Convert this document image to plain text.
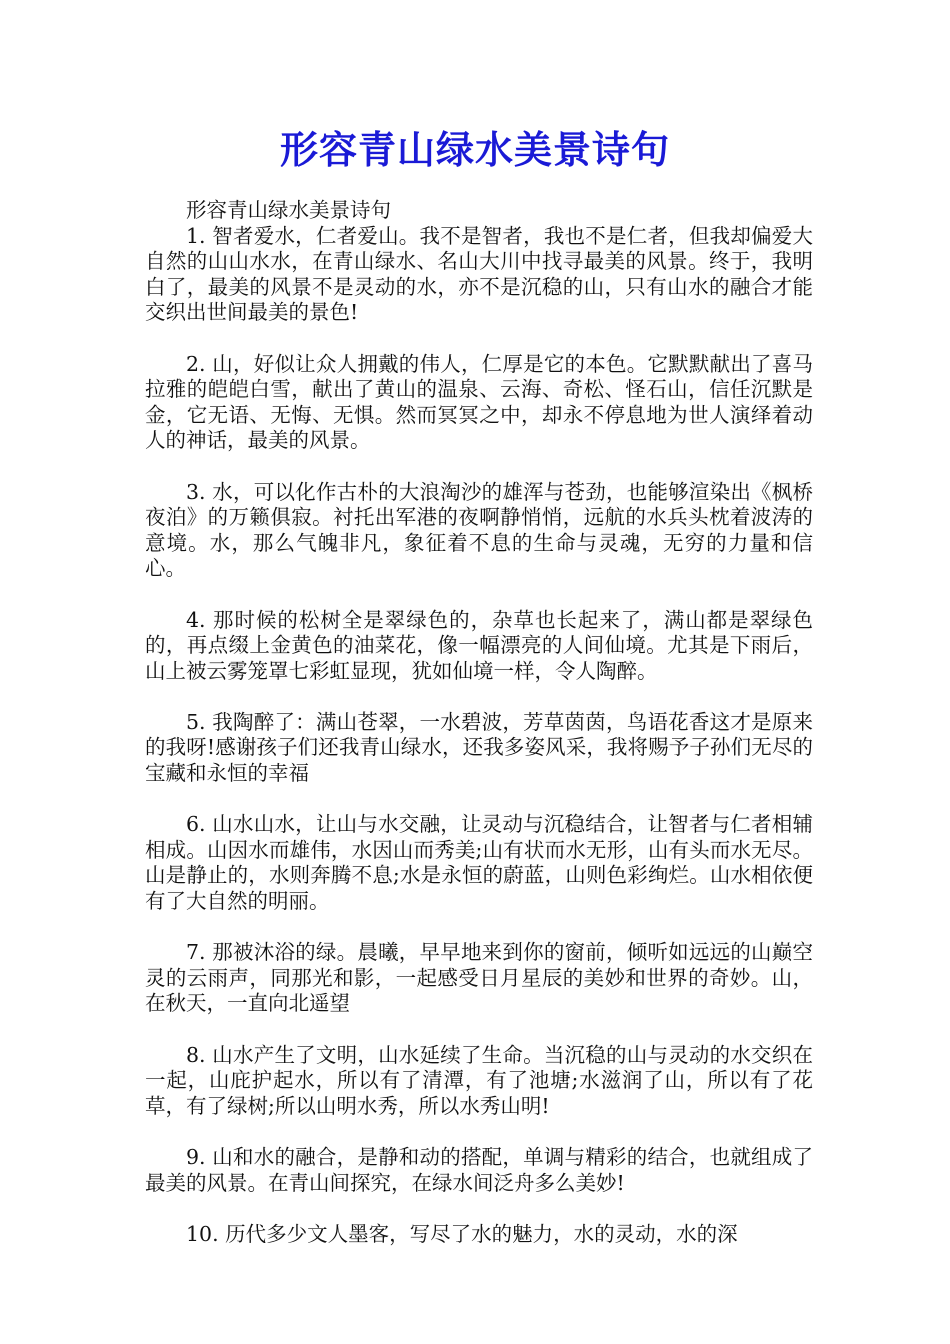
形容青山绿水美景诗句

形容青山绿水美景诗句

1. 智者爱水，仁者爱山。我不是智者，我也不是仁者，但我却偏爱大自然的山山水水，在青山绿水、名山大川中找寻最美的风景。终于，我明白了，最美的风景不是灵动的水，亦不是沉稳的山，只有山水的融合才能交织出世间最美的景色!

2. 山，好似让众人拥戴的伟人，仁厚是它的本色。它默默献出了喜马拉雅的皑皑白雪，献出了黄山的温泉、云海、奇松、怪石山，信任沉默是金，它无语、无悔、无惧。然而冥冥之中，却永不停息地为世人演绎着动人的神话，最美的风景。

3. 水，可以化作古朴的大浪淘沙的雄浑与苍劲，也能够渲染出《枫桥夜泊》的万籁俱寂。衬托出军港的夜啊静悄悄，远航的水兵头枕着波涛的意境。水，那么气魄非凡，象征着不息的生命与灵魂，无穷的力量和信心。

4. 那时候的松树全是翠绿色的，杂草也长起来了，满山都是翠绿色的，再点缀上金黄色的油菜花，像一幅漂亮的人间仙境。尤其是下雨后，山上被云雾笼罩七彩虹显现，犹如仙境一样，令人陶醉。

5. 我陶醉了：满山苍翠，一水碧波，芳草茵茵，鸟语花香这才是原来的我呀!感谢孩子们还我青山绿水，还我多姿风采，我将赐予子孙们无尽的宝藏和永恒的幸福

6. 山水山水，让山与水交融，让灵动与沉稳结合，让智者与仁者相辅相成。山因水而雄伟，水因山而秀美;山有状而水无形，山有头而水无尽。山是静止的，水则奔腾不息;水是永恒的蔚蓝，山则色彩绚烂。山水相依便有了大自然的明丽。

7. 那被沐浴的绿。晨曦，早早地来到你的窗前，倾听如远远的山巅空灵的云雨声，同那光和影，一起感受日月星辰的美妙和世界的奇妙。山，在秋天，一直向北遥望

8. 山水产生了文明，山水延续了生命。当沉稳的山与灵动的水交织在一起，山庇护起水，所以有了清潭，有了池塘;水滋润了山，所以有了花草，有了绿树;所以山明水秀，所以水秀山明!

9. 山和水的融合，是静和动的搭配，单调与精彩的结合，也就组成了最美的风景。在青山间探究，在绿水间泛舟多么美妙!

10. 历代多少文人墨客，写尽了水的魅力，水的灵动，水的深
